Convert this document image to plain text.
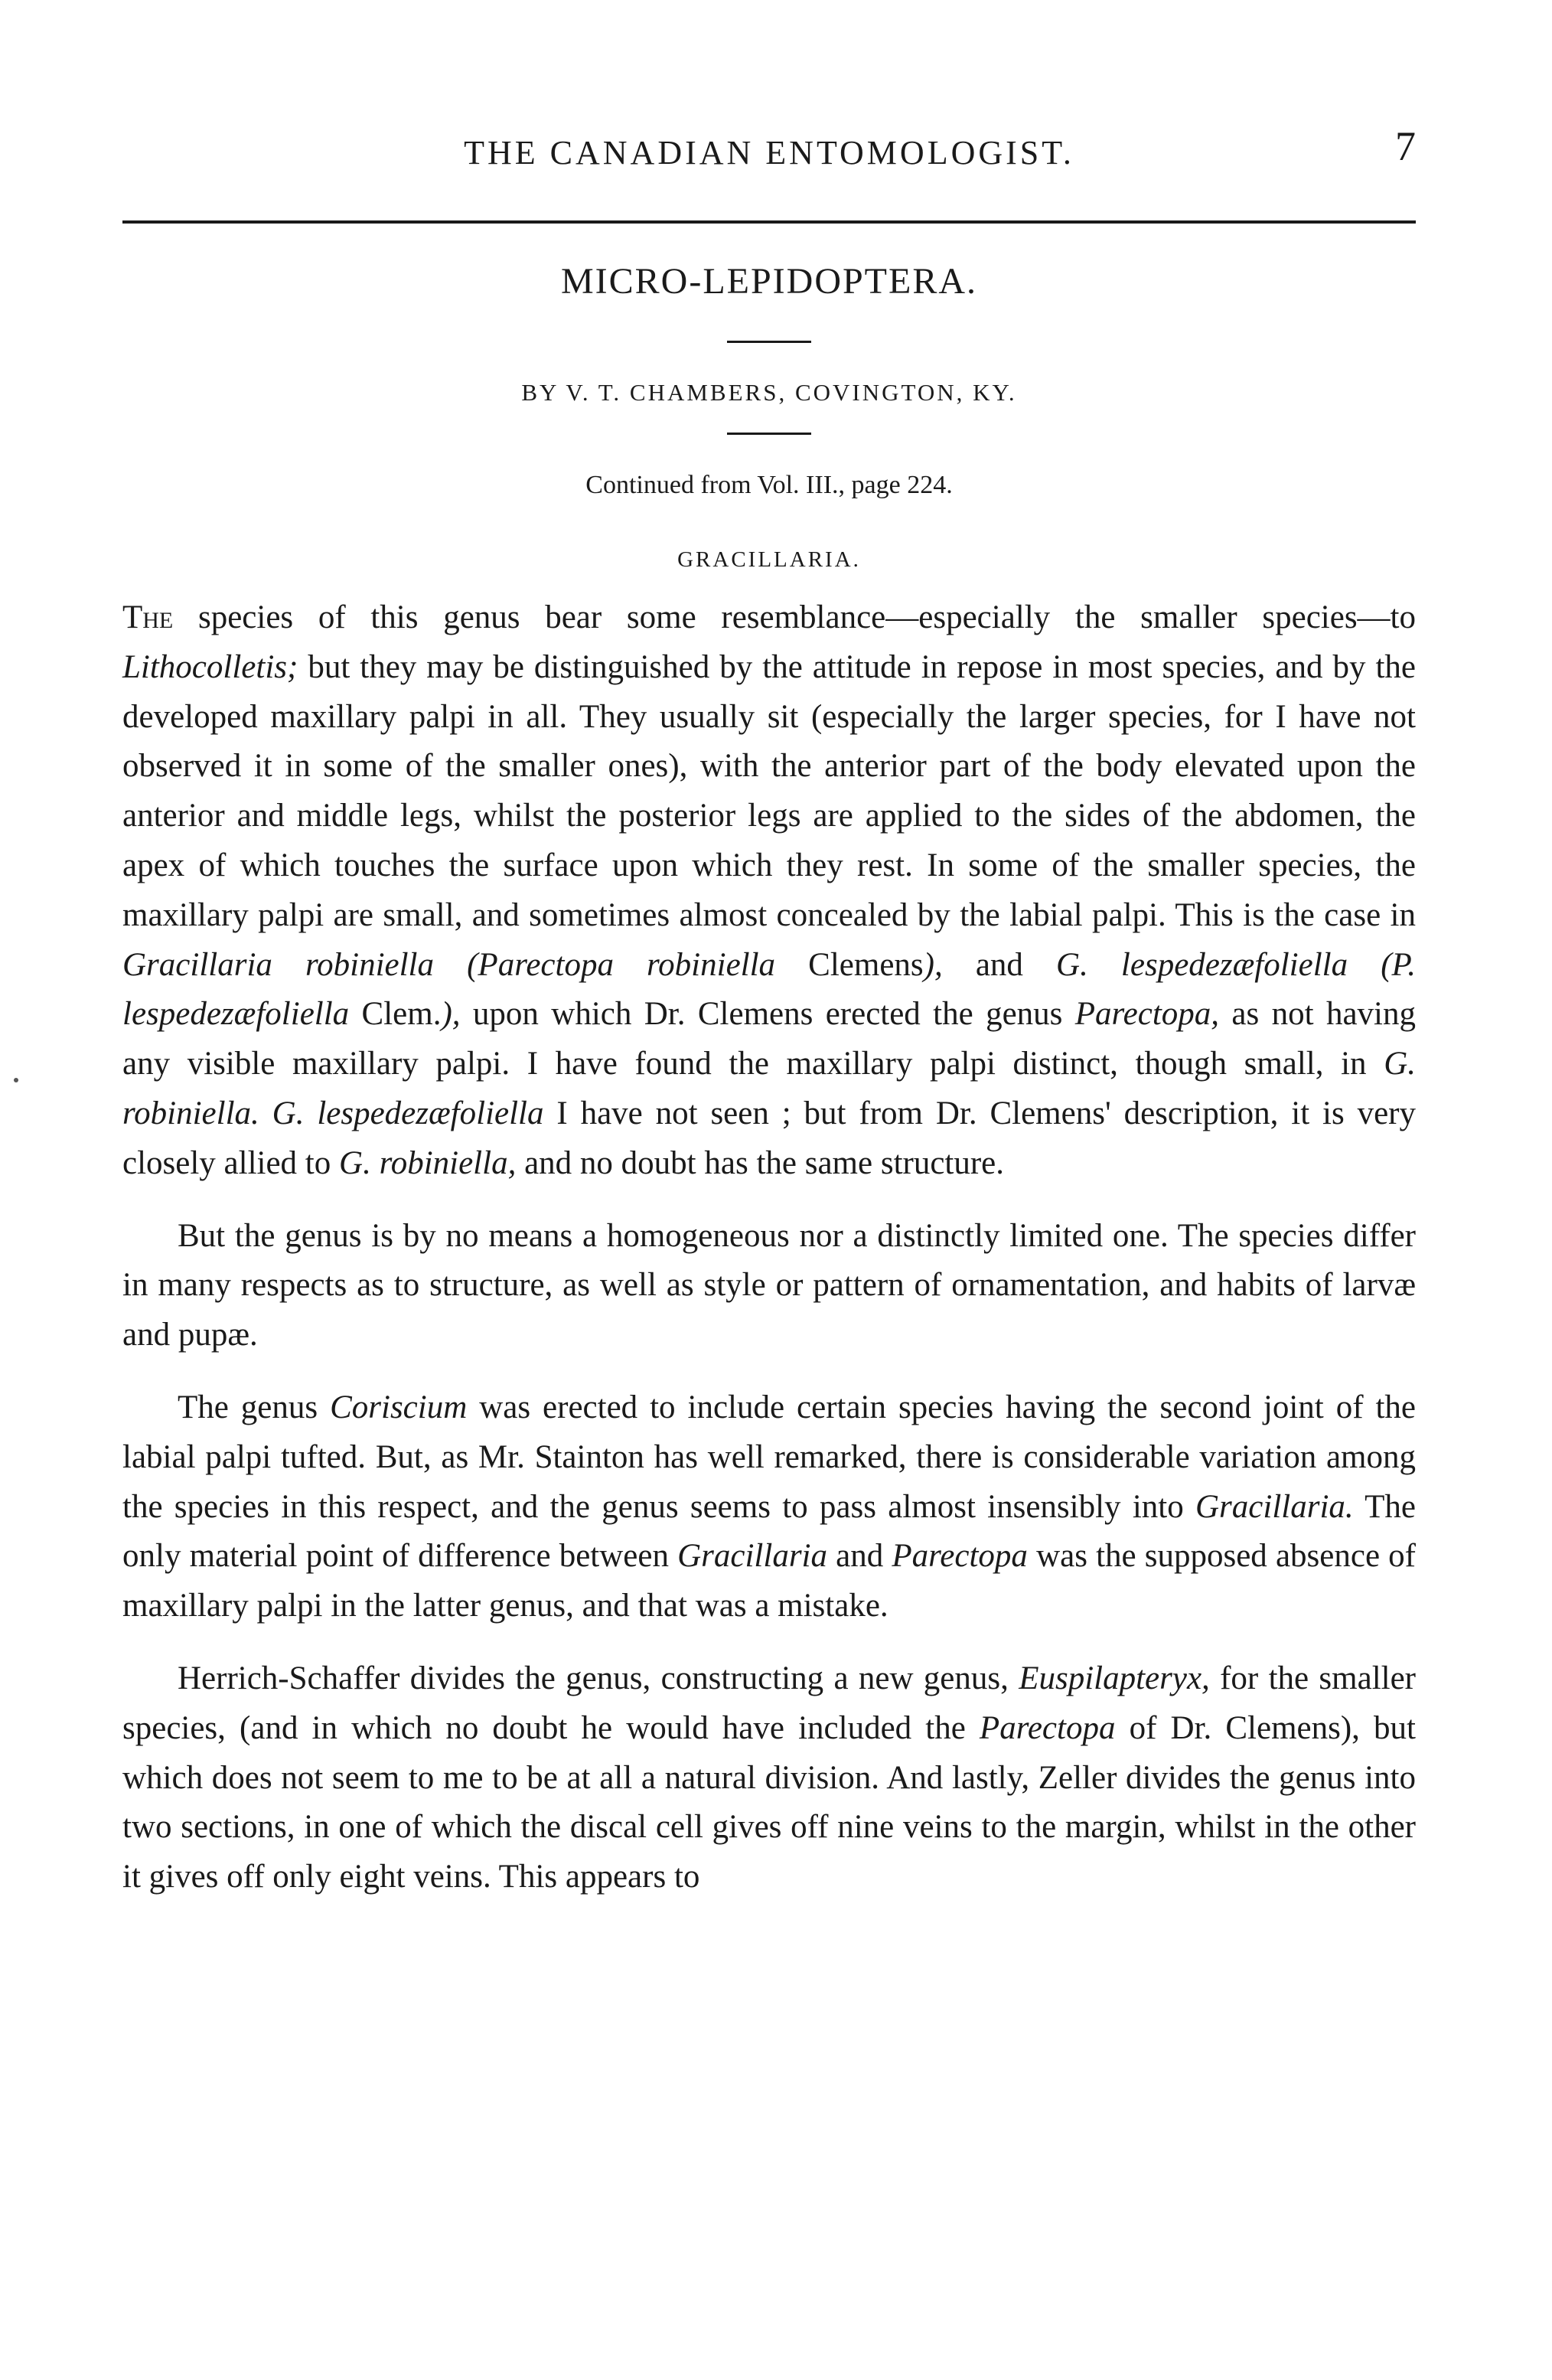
THE CANADIAN ENTOMOLOGIST.	7
MICRO-LEPIDOPTERA.
BY V. T. CHAMBERS, COVINGTON, KY.
Continued from Vol. III., page 224.
GRACILLARIA.

The species of this genus bear some resemblance—especially the smaller species—to Lithocolletis; but they may be distinguished by the attitude in repose in most species, and by the developed maxillary palpi in all. They usually sit (especially the larger species, for I have not observed it in some of the smaller ones), with the anterior part of the body elevated upon the anterior and middle legs, whilst the posterior legs are applied to the sides of the abdomen, the apex of which touches the surface upon which they rest. In some of the smaller species, the maxillary palpi are small, and sometimes almost concealed by the labial palpi. This is the case in Gracillaria robiniella (Parectopa robiniella Clemens), and G. lespedezæfoliella (P. lespedezæfoliella Clem.), upon which Dr. Clemens erected the genus Parectopa, as not having any visible maxillary palpi. I have found the maxillary palpi distinct, though small, in G. robiniella. G. lespedezæfoliella I have not seen ; but from Dr. Clemens' description, it is very closely allied to G. robiniella, and no doubt has the same structure.

But the genus is by no means a homogeneous nor a distinctly limited one. The species differ in many respects as to structure, as well as style or pattern of ornamentation, and habits of larvæ and pupæ.

The genus Coriscium was erected to include certain species having the second joint of the labial palpi tufted. But, as Mr. Stainton has well remarked, there is considerable variation among the species in this respect, and the genus seems to pass almost insensibly into Gracillaria. The only material point of difference between Gracillaria and Parectopa was the supposed absence of maxillary palpi in the latter genus, and that was a mistake.

Herrich-Schaffer divides the genus, constructing a new genus, Euspilapteryx, for the smaller species, (and in which no doubt he would have included the Parectopa of Dr. Clemens), but which does not seem to me to be at all a natural division. And lastly, Zeller divides the genus into two sections, in one of which the discal cell gives off nine veins to the margin, whilst in the other it gives off only eight veins. This appears to
